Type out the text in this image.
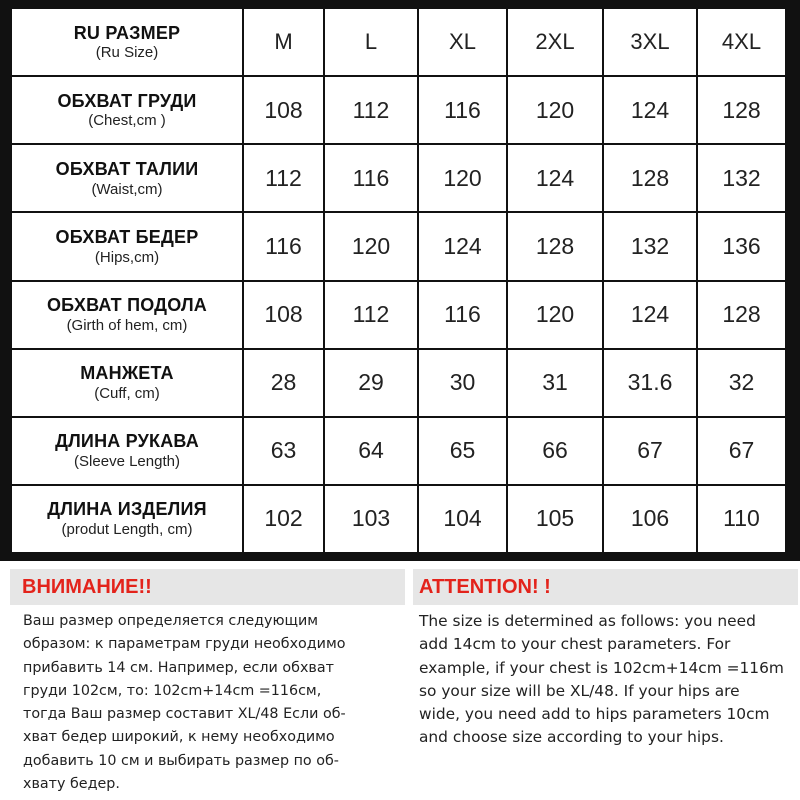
RU РАЗМЕР
(Ru Size)	M	L	XL	2XL	3XL	4XL
ОБХВАТ ГРУДИ
(Chest,cm )	108	112	116	120	124	128
ОБХВАТ ТАЛИИ
(Waist,cm)	112	116	120	124	128	132
ОБХВАТ БЕДЕР
(Hips,cm)	116	120	124	128	132	136
ОБХВАТ ПОДОЛА
(Girth of hem, cm)	108	112	116	120	124	128
МАНЖЕТА
(Cuff, cm)	28	29	30	31	31.6	32
ДЛИНА РУКАВА
(Sleeve Length)	63	64	65	66	67	67
ДЛИНА ИЗДЕЛИЯ
(produt Length, cm)	102	103	104	105	106	110
ВНИМАНИЕ!!
Ваш размер определяется следующим
образом: к параметрам груди необходимо
прибавить 14 см. Например, если обхват
груди 102см, то: 102cm+14cm =116см,
тогда Ваш размер составит XL/48 Если об-
хват бедер широкий, к нему необходимо
добавить 10 см и выбирать размер по об-
хвату бедер.
ATTENTION! !
The size is determined as follows: you need
add 14cm to your chest parameters. For
example, if your chest is 102cm+14cm =116m
so your size will be XL/48. If your hips are
wide, you need add to hips parameters 10cm
and choose size according to your hips.
